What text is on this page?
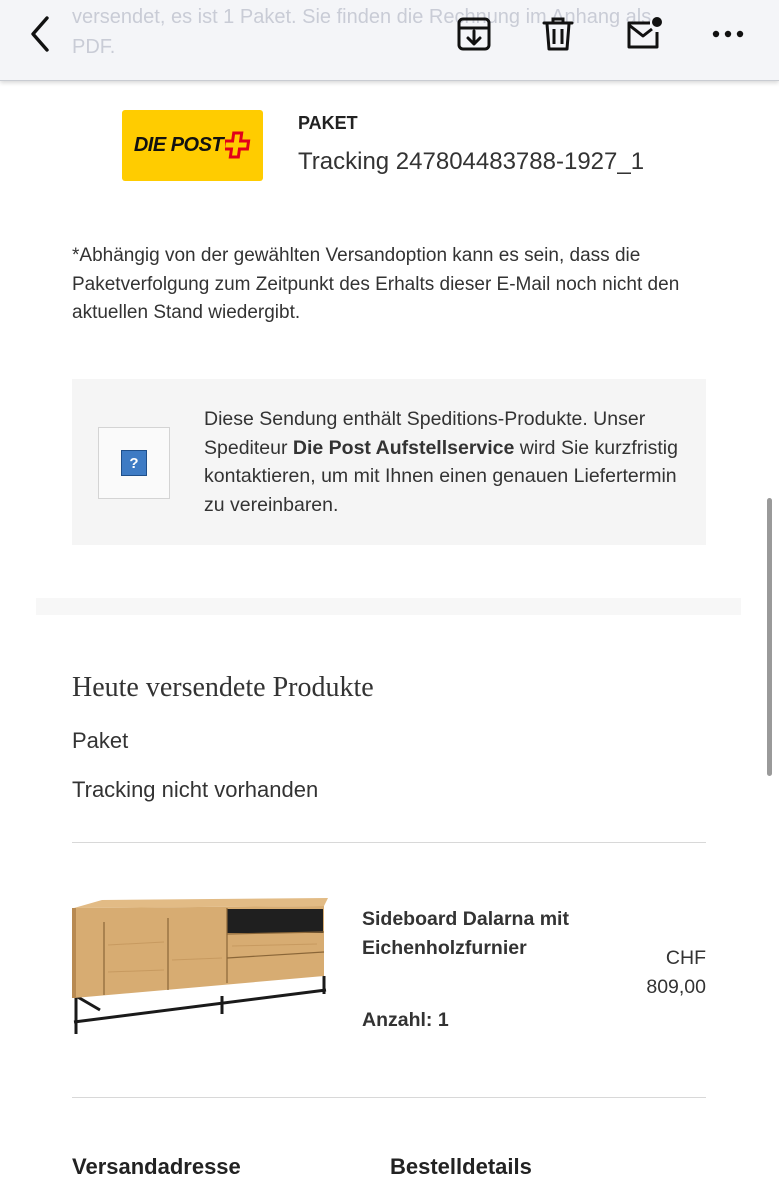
versendet, es ist 1 Paket. Sie finden die Rechnung im Anhang als PDF.
DIE POST
PAKET
Tracking 247804483788-1927_1
*Abhängig von der gewählten Versandoption kann es sein, dass die Paketverfolgung zum Zeitpunkt des Erhalts dieser E-Mail noch nicht den aktuellen Stand wiedergibt.
?
Diese Sendung enthält Speditions-Produkte. Unser Spediteur Die Post Aufstellservice wird Sie kurzfristig kontaktieren, um mit Ihnen einen genauen Liefertermin zu vereinbaren.
Heute versendete Produkte
Paket
Tracking nicht vorhanden
Sideboard Dalarna mit Eichenholzfurnier
Anzahl: 1
CHF
809,00
Versandadresse	Bestelldetails
